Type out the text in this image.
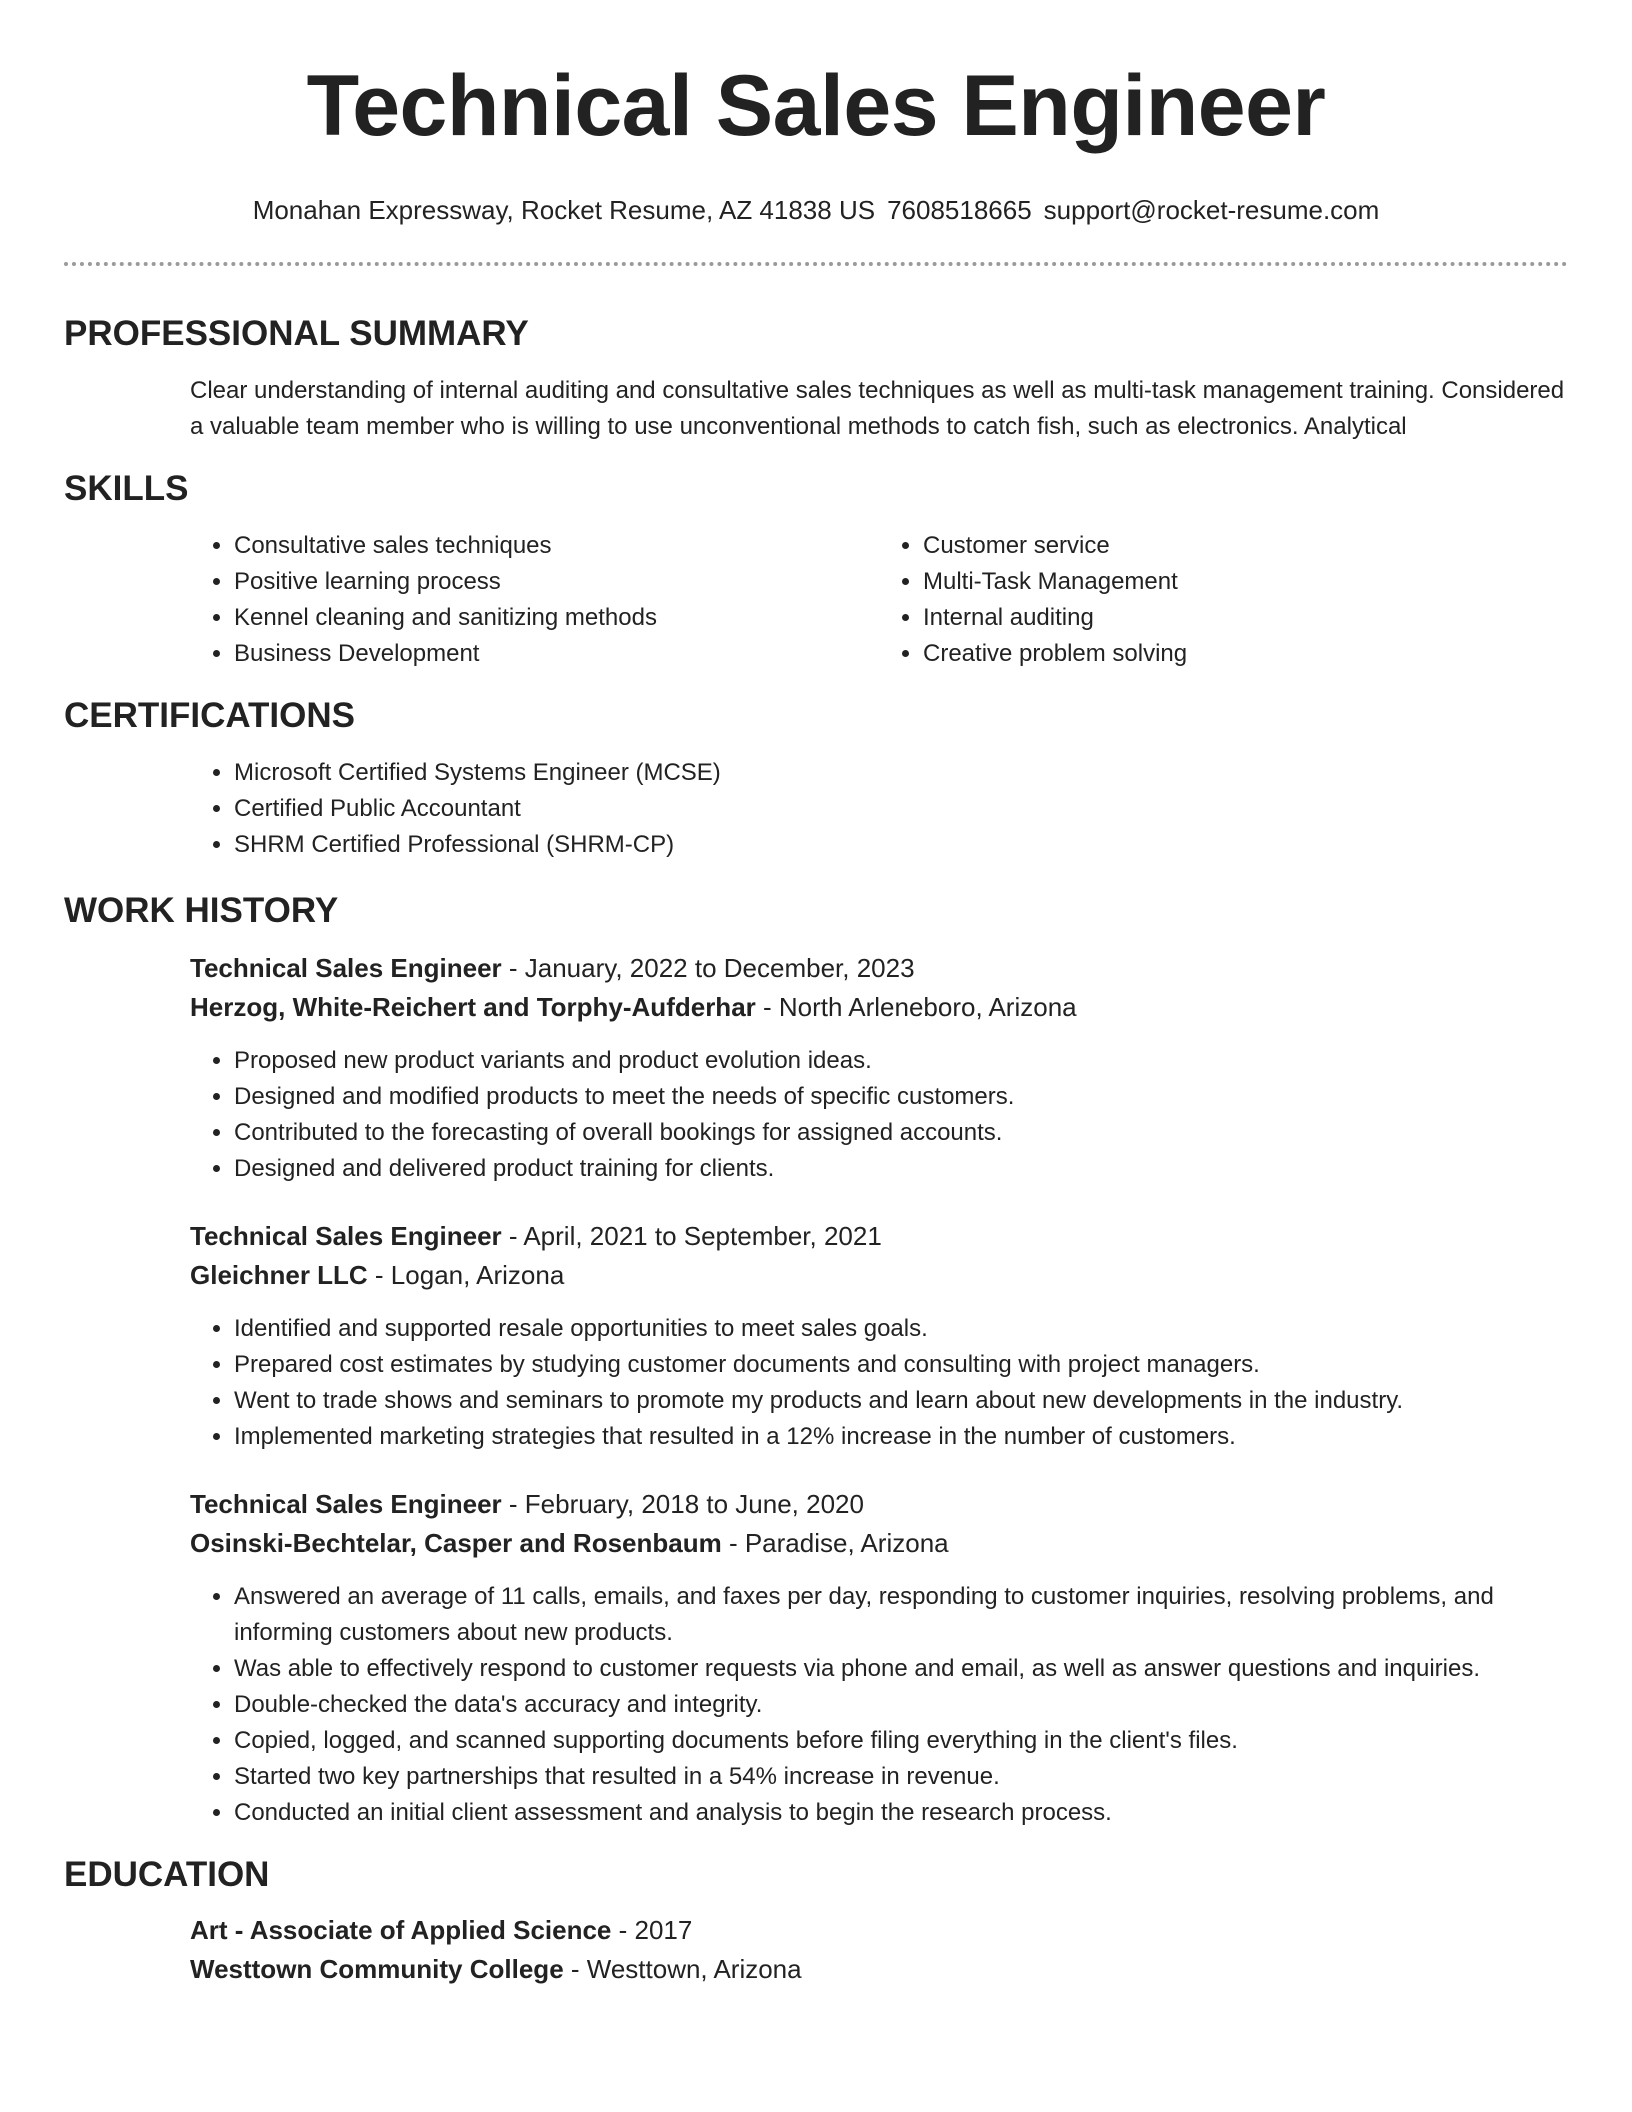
Technical Sales Engineer
Monahan Expressway, Rocket Resume, AZ 41838 US 7608518665 support@rocket-resume.com
PROFESSIONAL SUMMARY
Clear understanding of internal auditing and consultative sales techniques as well as multi-task management training. Considered a valuable team member who is willing to use unconventional methods to catch fish, such as electronics. Analytical
SKILLS
• Consultative sales techniques
• Positive learning process
• Kennel cleaning and sanitizing methods
• Business Development
• Customer service
• Multi-Task Management
• Internal auditing
• Creative problem solving
CERTIFICATIONS
• Microsoft Certified Systems Engineer (MCSE)
• Certified Public Accountant
• SHRM Certified Professional (SHRM-CP)
WORK HISTORY
Technical Sales Engineer - January, 2022 to December, 2023
Herzog, White-Reichert and Torphy-Aufderhar - North Arleneboro, Arizona
• Proposed new product variants and product evolution ideas.
• Designed and modified products to meet the needs of specific customers.
• Contributed to the forecasting of overall bookings for assigned accounts.
• Designed and delivered product training for clients.
Technical Sales Engineer - April, 2021 to September, 2021
Gleichner LLC - Logan, Arizona
• Identified and supported resale opportunities to meet sales goals.
• Prepared cost estimates by studying customer documents and consulting with project managers.
• Went to trade shows and seminars to promote my products and learn about new developments in the industry.
• Implemented marketing strategies that resulted in a 12% increase in the number of customers.
Technical Sales Engineer - February, 2018 to June, 2020
Osinski-Bechtelar, Casper and Rosenbaum - Paradise, Arizona
• Answered an average of 11 calls, emails, and faxes per day, responding to customer inquiries, resolving problems, and informing customers about new products.
• Was able to effectively respond to customer requests via phone and email, as well as answer questions and inquiries.
• Double-checked the data's accuracy and integrity.
• Copied, logged, and scanned supporting documents before filing everything in the client's files.
• Started two key partnerships that resulted in a 54% increase in revenue.
• Conducted an initial client assessment and analysis to begin the research process.
EDUCATION
Art - Associate of Applied Science - 2017
Westtown Community College - Westtown, Arizona
